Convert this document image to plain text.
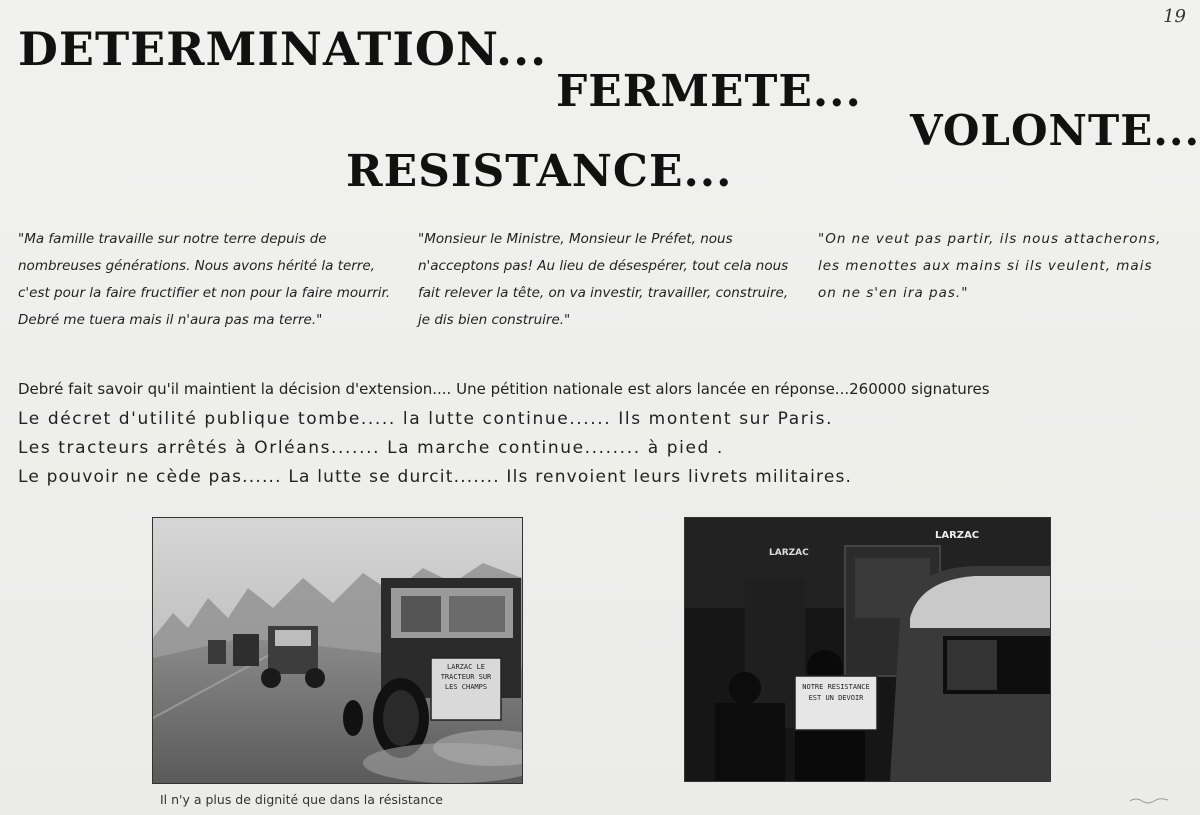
19
DETERMINATION...
FERMETE...
VOLONTE...
RESISTANCE...
"Ma famille travaille sur notre terre depuis de nombreuses générations. Nous avons hérité la terre, c'est pour la faire fructifier et non pour la faire mourrir. Debré me tuera mais il n'aura pas ma terre."
"Monsieur le Ministre, Monsieur le Préfet, nous n'acceptons pas! Au lieu de désespérer, tout cela nous fait relever la tête, on va investir, travailler, construire, je dis bien construire."
"On ne veut pas partir, ils nous attacherons, les menottes aux mains si ils veulent, mais on ne s'en ira pas."
Debré fait savoir qu'il maintient la décision d'extension.... Une pétition nationale est alors lancée en réponse...260000 signatures
Le décret d'utilité publique tombe..... la lutte continue...... Ils montent sur Paris.
Les tracteurs arrêtés à Orléans....... La marche continue........ à pied .
Le pouvoir ne cède pas...... La lutte se durcit....... Ils renvoient leurs livrets militaires.
LARZAC LE TRACTEUR SUR LES CHAMPS
LARZAC
LARZAC
NOTRE RESISTANCE EST UN DEVOIR
Il n'y a plus de dignité que dans la résistance
